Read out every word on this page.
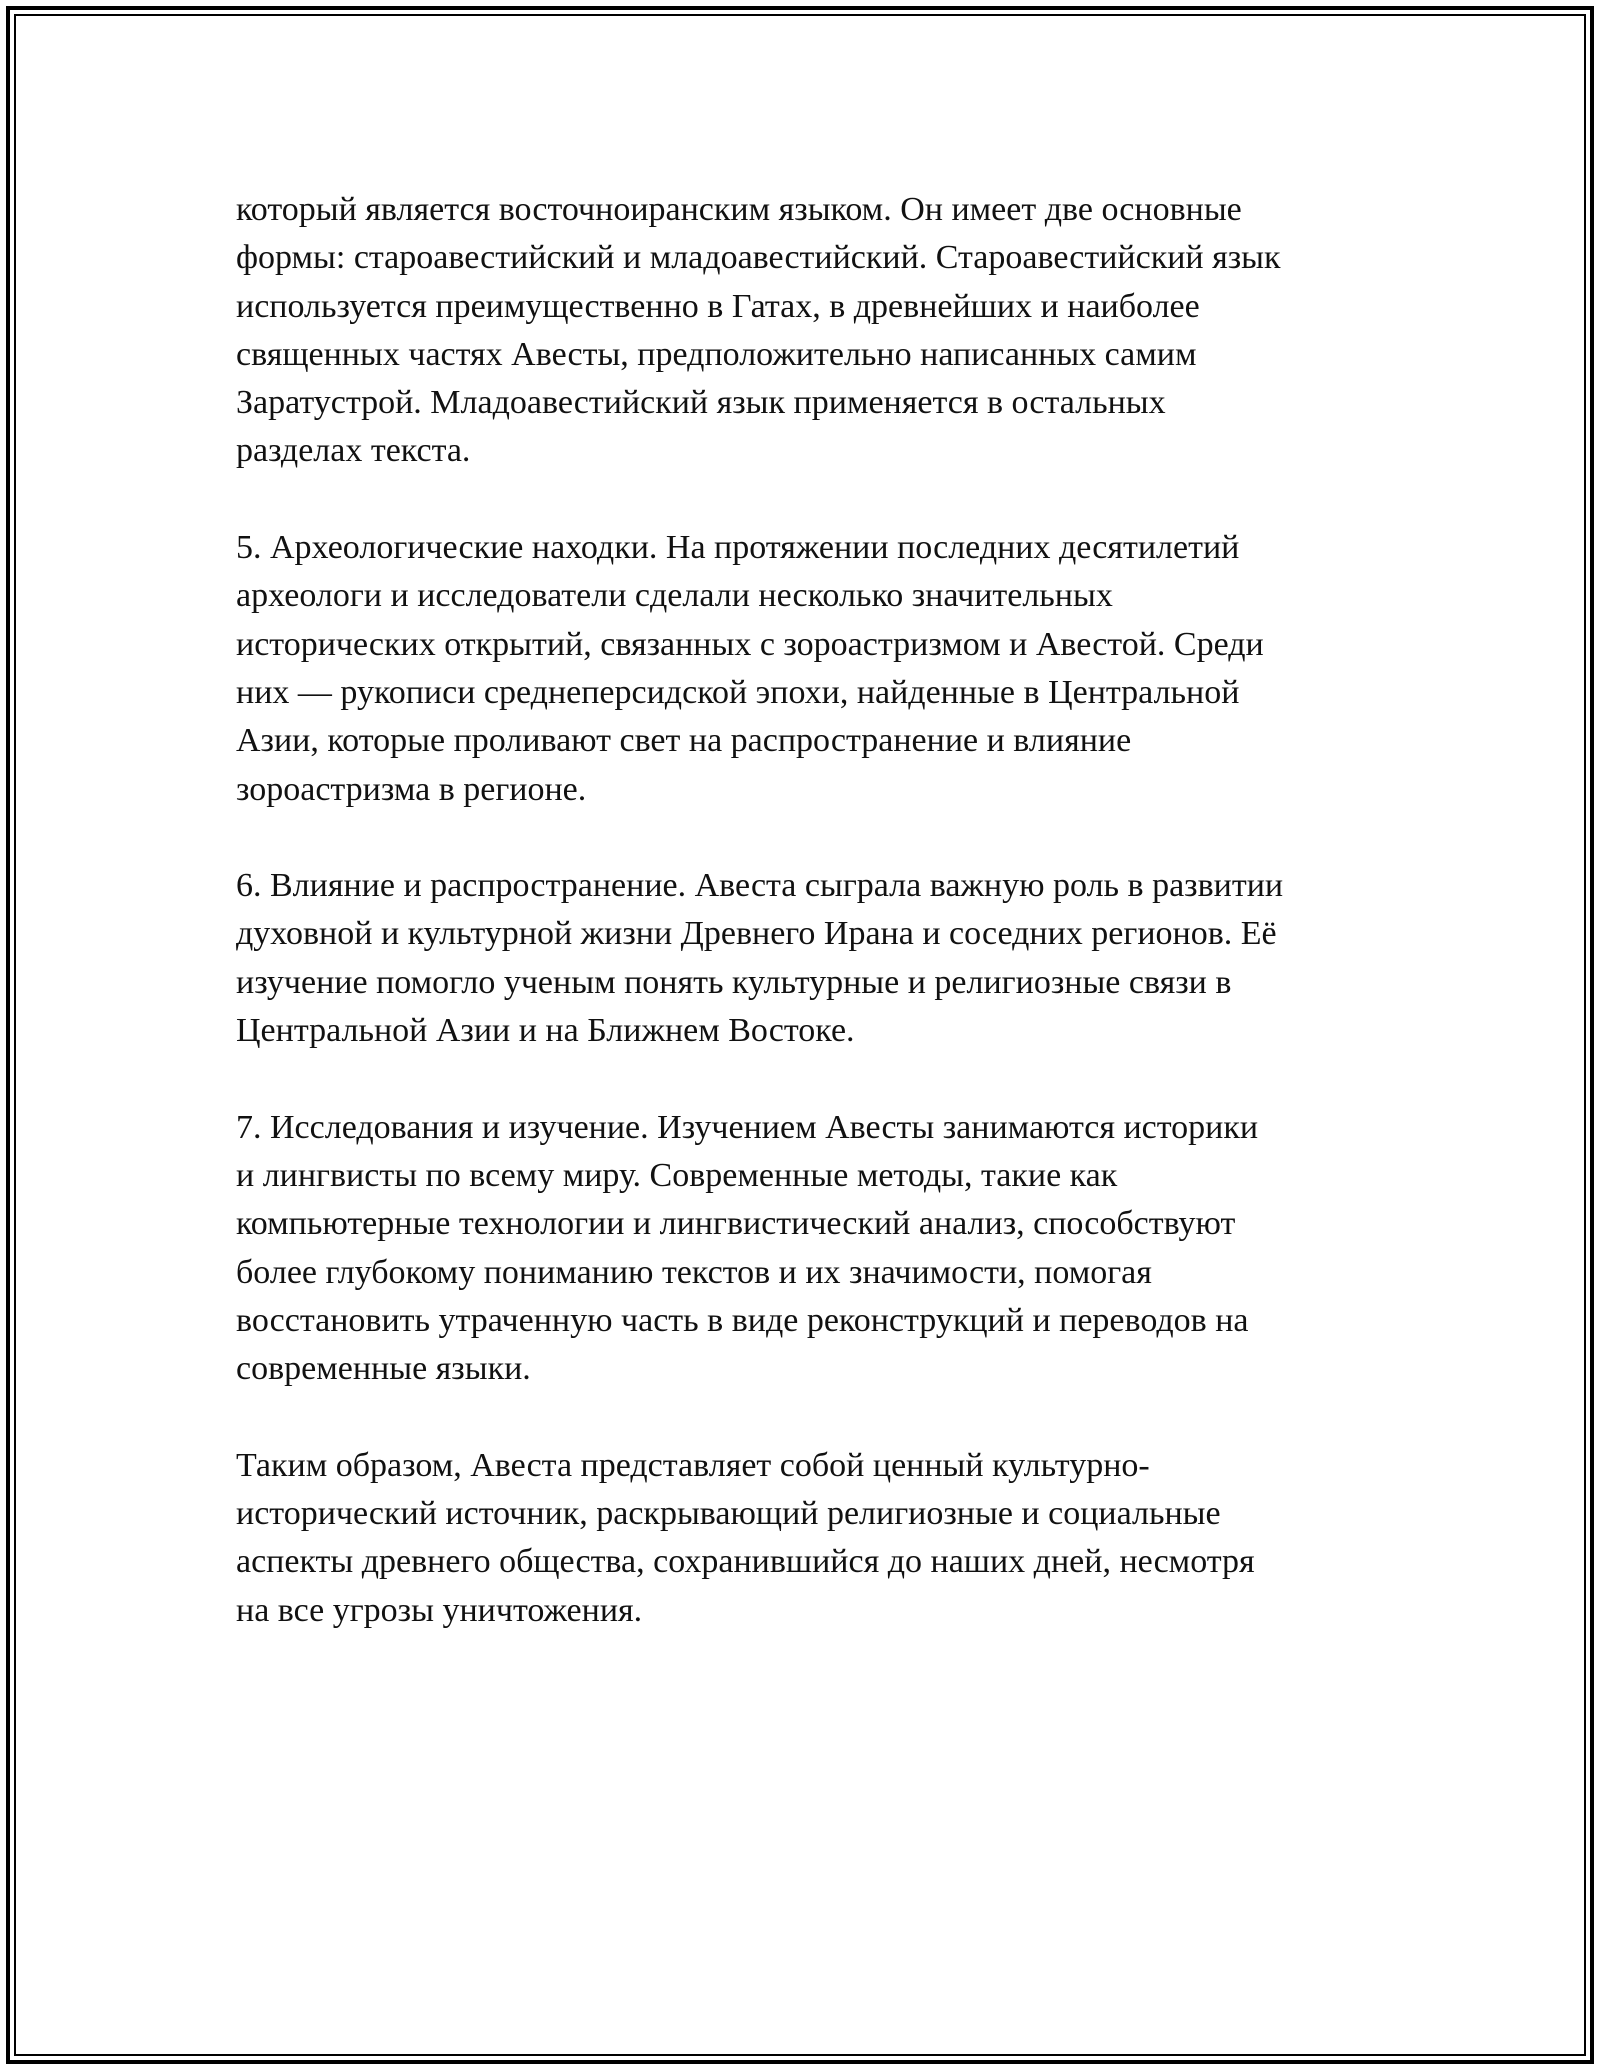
который является восточноиранским языком. Он имеет две основные
формы: староавестийский и младоавестийский. Староавестийский язык
используется преимущественно в Гатах, в древнейших и наиболее
священных частях Авесты, предположительно написанных самим
Заратустрой. Младоавестийский язык применяется в остальных
разделах текста.

5. Археологические находки. На протяжении последних десятилетий
археологи и исследователи сделали несколько значительных
исторических открытий, связанных с зороастризмом и Авестой. Среди
них — рукописи среднеперсидской эпохи, найденные в Центральной
Азии, которые проливают свет на распространение и влияние
зороастризма в регионе.

6. Влияние и распространение. Авеста сыграла важную роль в развитии
духовной и культурной жизни Древнего Ирана и соседних регионов. Её
изучение помогло ученым понять культурные и религиозные связи в
Центральной Азии и на Ближнем Востоке.

7. Исследования и изучение. Изучением Авесты занимаются историки
и лингвисты по всему миру. Современные методы, такие как
компьютерные технологии и лингвистический анализ, способствуют
более глубокому пониманию текстов и их значимости, помогая
восстановить утраченную часть в виде реконструкций и переводов на
современные языки.

Таким образом, Авеста представляет собой ценный культурно-
исторический источник, раскрывающий религиозные и социальные
аспекты древнего общества, сохранившийся до наших дней, несмотря
на все угрозы уничтожения.
